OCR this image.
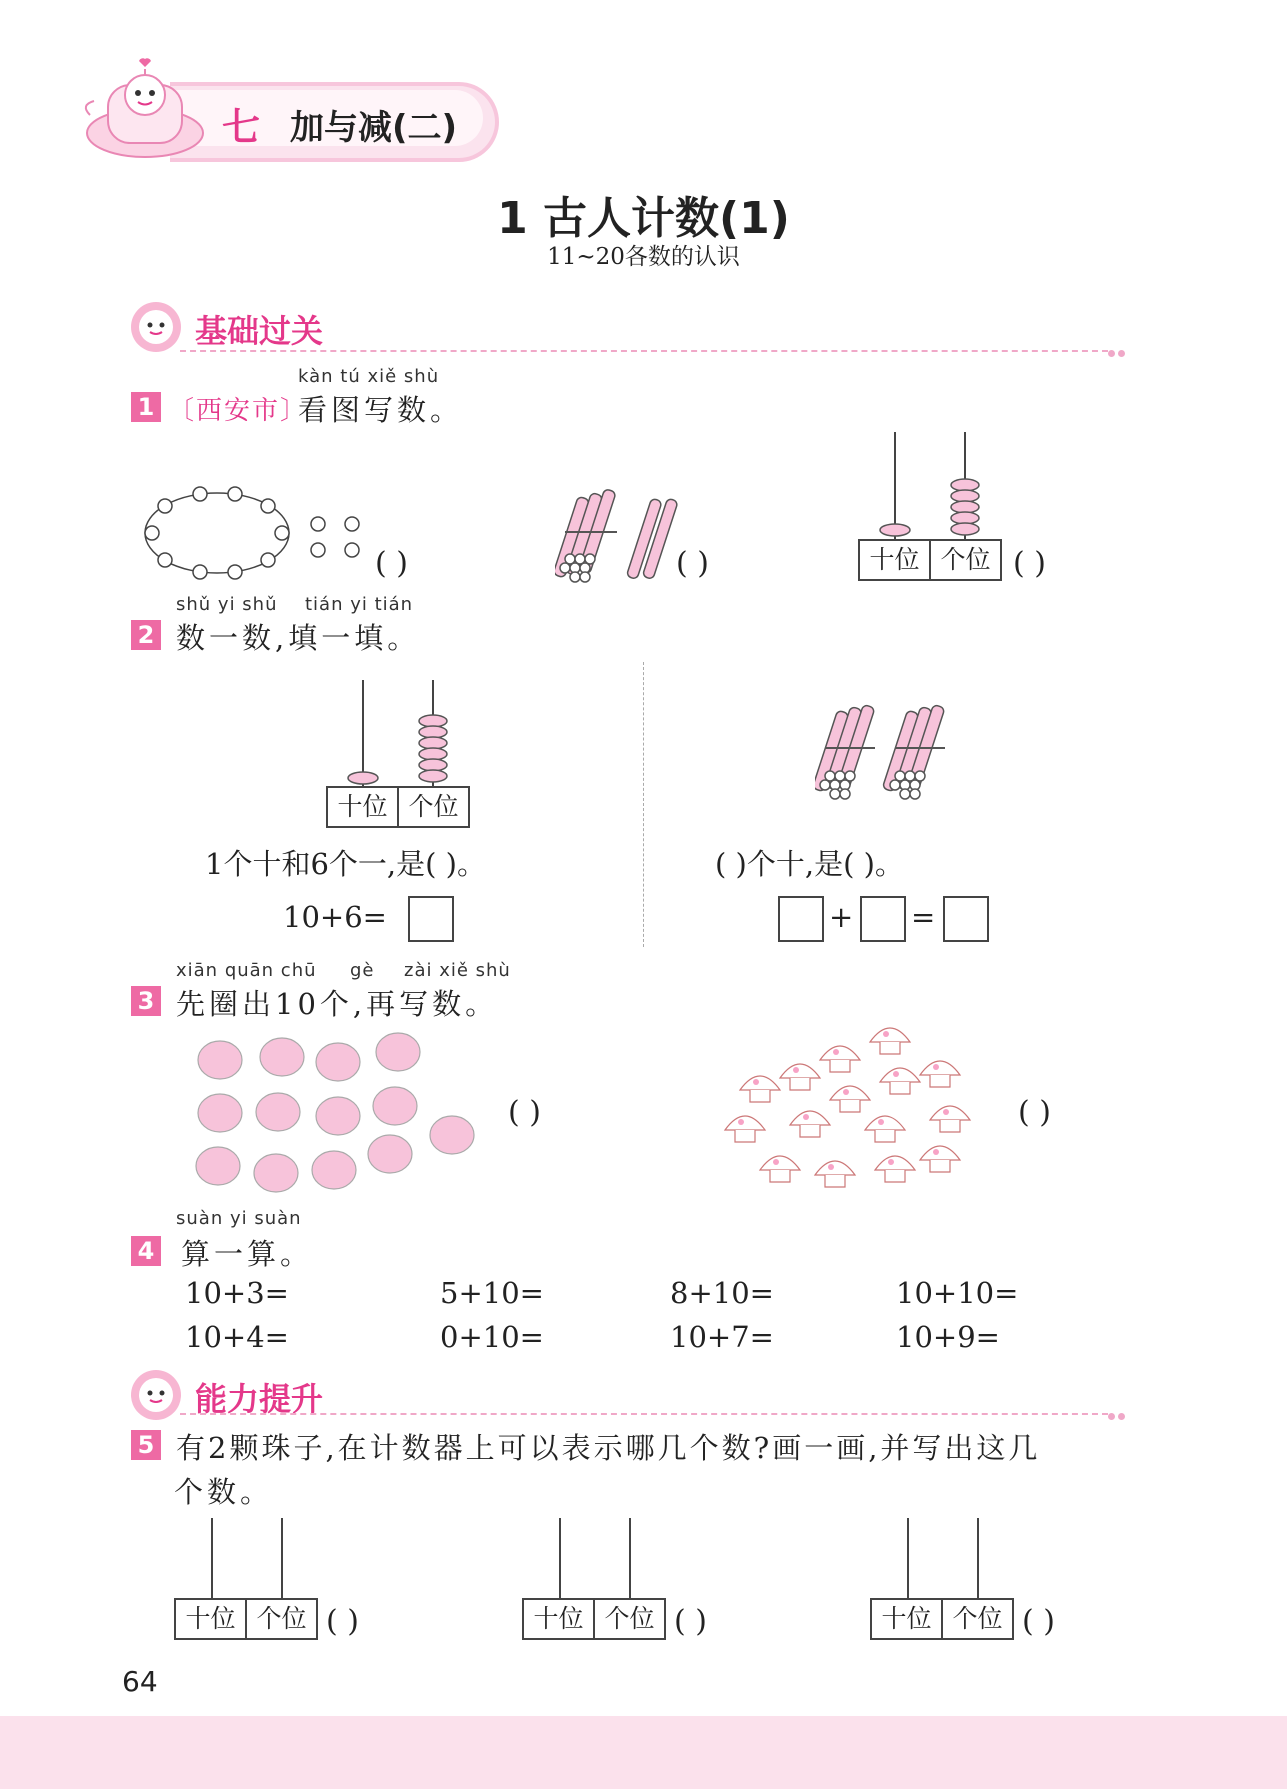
七 加与减(二)
1 古人计数(1)
11~20各数的认识
基础过关
kàn tú xiě shù
1 〔西安市〕
看图写数。
( )	( )	十位 个位 ( )
shǔ yi shǔ tián yi tián
2 数一数,填一填。
十位 个位
1个十和6个一,是( )。
10+6=
( )个十,是( )。
+ =
xiān quān chū gè zài xiě shù
3 先圈出10个,再写数。
( )	( )
suàn yi suàn
4 算一算。
10+3=	5+10=	8+10=	10+10=
10+4=	0+10=	10+7=	10+9=
能力提升
5 有2颗珠子,在计数器上可以表示哪几个数?画一画,并写出这几
个数。
十位 个位 ( )	十位 个位 ( )	十位 个位 ( )
64
